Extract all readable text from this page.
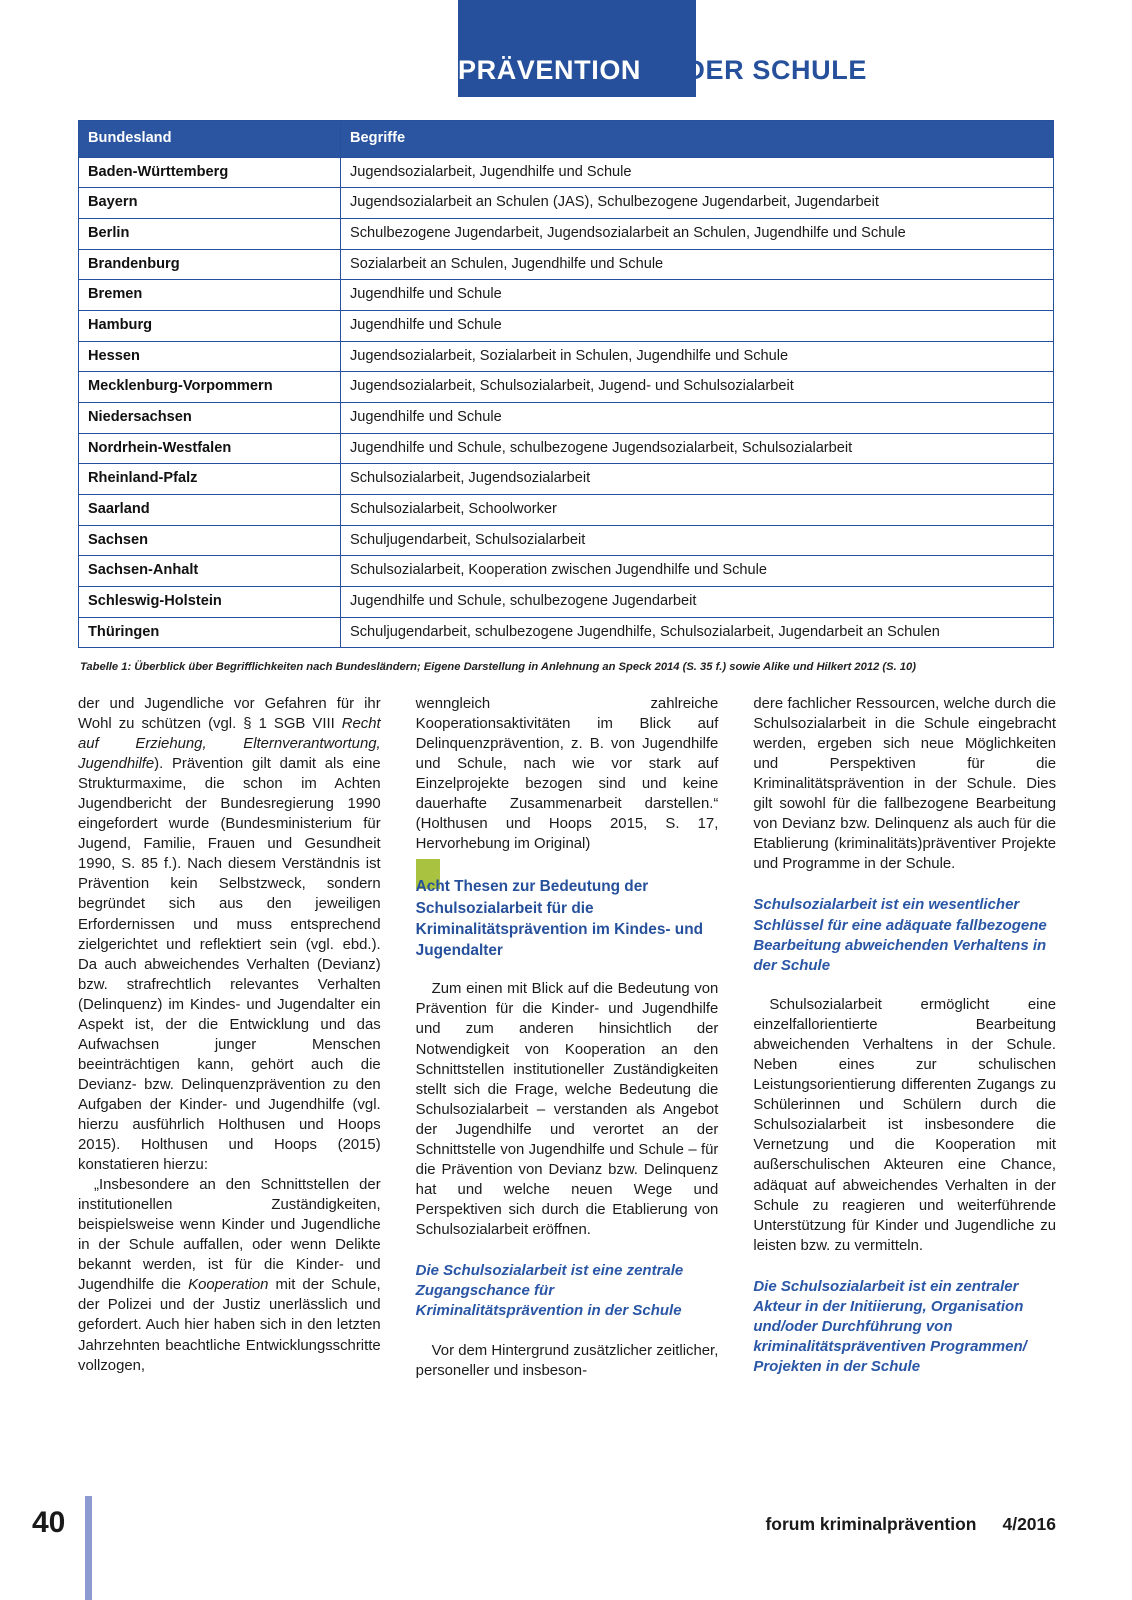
PRÄVENTION IN DER SCHULE
Bundesland	Begriffe
Baden-Württemberg	Jugendsozialarbeit, Jugendhilfe und Schule
Bayern	Jugendsozialarbeit an Schulen (JAS), Schulbezogene Jugendarbeit, Jugendarbeit
Berlin	Schulbezogene Jugendarbeit, Jugendsozialarbeit an Schulen, Jugendhilfe und Schule
Brandenburg	Sozialarbeit an Schulen, Jugendhilfe und Schule
Bremen	Jugendhilfe und Schule
Hamburg	Jugendhilfe und Schule
Hessen	Jugendsozialarbeit, Sozialarbeit in Schulen, Jugendhilfe und Schule
Mecklenburg-Vorpommern	Jugendsozialarbeit, Schulsozialarbeit, Jugend- und Schulsozialarbeit
Niedersachsen	Jugendhilfe und Schule
Nordrhein-Westfalen	Jugendhilfe und Schule, schulbezogene Jugendsozialarbeit, Schulsozialarbeit
Rheinland-Pfalz	Schulsozialarbeit, Jugendsozialarbeit
Saarland	Schulsozialarbeit, Schoolworker
Sachsen	Schuljugendarbeit, Schulsozialarbeit
Sachsen-Anhalt	Schulsozialarbeit, Kooperation zwischen Jugendhilfe und Schule
Schleswig-Holstein	Jugendhilfe und Schule, schulbezogene Jugendarbeit
Thüringen	Schuljugendarbeit, schulbezogene Jugendhilfe, Schulsozialarbeit, Jugendarbeit an Schulen
Tabelle 1: Überblick über Begrifflichkeiten nach Bundesländern; Eigene Darstellung in Anlehnung an Speck 2014 (S. 35 f.) sowie Alike und Hilkert 2012 (S. 10)

der und Jugendliche vor Gefahren für ihr Wohl zu schützen (vgl. § 1 SGB VIII Recht auf Erziehung, Elternverantwortung, Jugendhilfe). Prävention gilt damit als eine Strukturmaxime, die schon im Achten Jugendbericht der Bundesregierung 1990 eingefordert wurde (Bundesministerium für Jugend, Familie, Frauen und Gesundheit 1990, S. 85 f.). Nach diesem Verständnis ist Prävention kein Selbstzweck, sondern begründet sich aus den jeweiligen Erfordernissen und muss entsprechend zielgerichtet und reflektiert sein (vgl. ebd.). Da auch abweichendes Verhalten (Devianz) bzw. strafrechtlich relevantes Verhalten (Delinquenz) im Kindes- und Jugendalter ein Aspekt ist, der die Entwicklung und das Aufwachsen junger Menschen beeinträchtigen kann, gehört auch die Devianz- bzw. Delinquenzprävention zu den Aufgaben der Kinder- und Jugendhilfe (vgl. hierzu ausführlich Holthusen und Hoops 2015). Holthusen und Hoops (2015) konstatieren hierzu:

„Insbesondere an den Schnittstellen der institutionellen Zuständigkeiten, beispielsweise wenn Kinder und Jugendliche in der Schule auffallen, oder wenn Delikte bekannt werden, ist für die Kinder- und Jugendhilfe die Kooperation mit der Schule, der Polizei und der Justiz unerlässlich und gefordert. Auch hier haben sich in den letzten Jahrzehnten beachtliche Entwicklungsschritte vollzogen,

wenngleich zahlreiche Kooperationsaktivitäten im Blick auf Delinquenzprävention, z. B. von Jugendhilfe und Schule, nach wie vor stark auf Einzelprojekte bezogen sind und keine dauerhafte Zusammenarbeit darstellen.“ (Holthusen und Hoops 2015, S. 17, Hervorhebung im Original)

Acht Thesen zur Bedeutung der Schulsozialarbeit für die Kriminalitätsprävention im Kindes- und Jugendalter

Zum einen mit Blick auf die Bedeutung von Prävention für die Kinder- und Jugendhilfe und zum anderen hinsichtlich der Notwendigkeit von Kooperation an den Schnittstellen institutioneller Zuständigkeiten stellt sich die Frage, welche Bedeutung die Schulsozialarbeit – verstanden als Angebot der Jugendhilfe und verortet an der Schnittstelle von Jugendhilfe und Schule – für die Prävention von Devianz bzw. Delinquenz hat und welche neuen Wege und Perspektiven sich durch die Etablierung von Schulsozialarbeit eröffnen.

Die Schulsozialarbeit ist eine zentrale Zugangschance für Kriminalitätsprävention in der Schule

Vor dem Hintergrund zusätzlicher zeitlicher, personeller und insbeson-

dere fachlicher Ressourcen, welche durch die Schulsozialarbeit in die Schule eingebracht werden, ergeben sich neue Möglichkeiten und Perspektiven für die Kriminalitätsprävention in der Schule. Dies gilt sowohl für die fallbezogene Bearbeitung von Devianz bzw. Delinquenz als auch für die Etablierung (kriminalitäts)präventiver Projekte und Programme in der Schule.

Schulsozialarbeit ist ein wesentlicher Schlüssel für eine adäquate fallbezogene Bearbeitung abweichenden Verhaltens in der Schule

Schulsozialarbeit ermöglicht eine einzelfallorientierte Bearbeitung abweichenden Verhaltens in der Schule. Neben eines zur schulischen Leistungsorientierung differenten Zugangs zu Schülerinnen und Schülern durch die Schulsozialarbeit ist insbesondere die Vernetzung und die Kooperation mit außerschulischen Akteuren eine Chance, adäquat auf abweichendes Verhalten in der Schule zu reagieren und weiterführende Unterstützung für Kinder und Jugendliche zu leisten bzw. zu vermitteln.

Die Schulsozialarbeit ist ein zentraler Akteur in der Initiierung, Organisation und/oder Durchführung von kriminalitätspräventiven Programmen/ Projekten in der Schule

40	forum kriminalprävention 4/2016
